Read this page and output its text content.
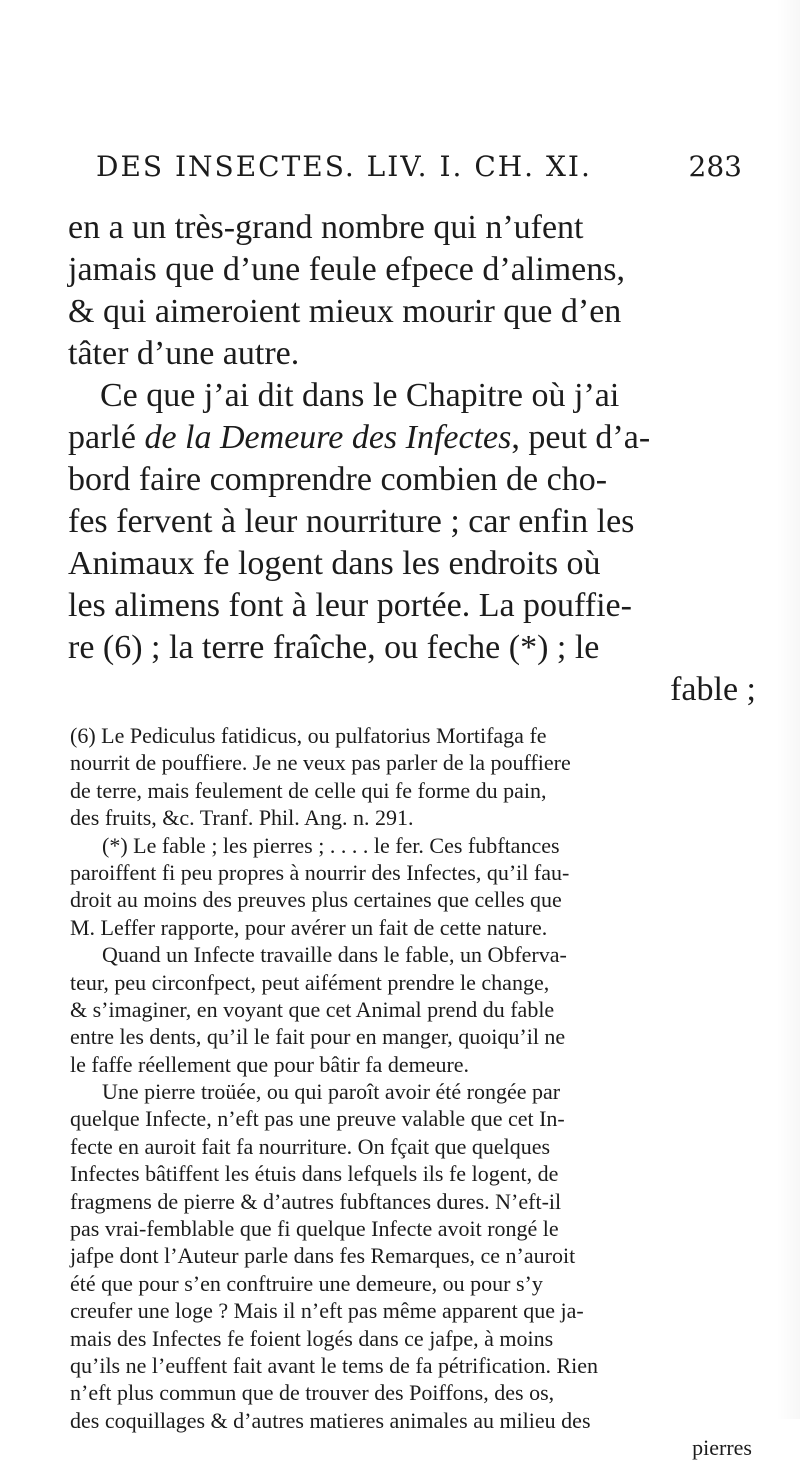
DES INSECTES. LIV. I. CH. XI.	283
en a un très-grand nombre qui n’ufent
jamais que d’une feule efpece d’alimens,
& qui aimeroient mieux mourir que d’en
tâter d’une autre.
Ce que j’ai dit dans le Chapitre où j’ai
parlé de la Demeure des Infectes, peut d’a-
bord faire comprendre combien de cho-
fes fervent à leur nourriture ; car enfin les
Animaux fe logent dans les endroits où
les alimens font à leur portée. La pouffie-
re (6) ; la terre fraîche, ou feche (*) ; le
fable ;
(6) Le Pediculus fatidicus, ou pulfatorius Mortifaga fe
nourrit de pouffiere. Je ne veux pas parler de la pouffiere
de terre, mais feulement de celle qui fe forme du pain,
des fruits, &c. Tranf. Phil. Ang. n. 291.
(*) Le fable ; les pierres ; . . . . le fer. Ces fubftances
paroiffent fi peu propres à nourrir des Infectes, qu’il fau-
droit au moins des preuves plus certaines que celles que
M. Leffer rapporte, pour avérer un fait de cette nature.
Quand un Infecte travaille dans le fable, un Obferva-
teur, peu circonfpect, peut aifément prendre le change,
& s’imaginer, en voyant que cet Animal prend du fable
entre les dents, qu’il le fait pour en manger, quoiqu’il ne
le faffe réellement que pour bâtir fa demeure.
Une pierre troüée, ou qui paroît avoir été rongée par
quelque Infecte, n’eft pas une preuve valable que cet In-
fecte en auroit fait fa nourriture. On fçait que quelques
Infectes bâtiffent les étuis dans lefquels ils fe logent, de
fragmens de pierre & d’autres fubftances dures. N’eft-il
pas vrai-femblable que fi quelque Infecte avoit rongé le
jafpe dont l’Auteur parle dans fes Remarques, ce n’auroit
été que pour s’en conftruire une demeure, ou pour s’y
creufer une loge ? Mais il n’eft pas même apparent que ja-
mais des Infectes fe foient logés dans ce jafpe, à moins
qu’ils ne l’euffent fait avant le tems de fa pétrification. Rien
n’eft plus commun que de trouver des Poiffons, des os,
des coquillages & d’autres matieres animales au milieu des
pierres
